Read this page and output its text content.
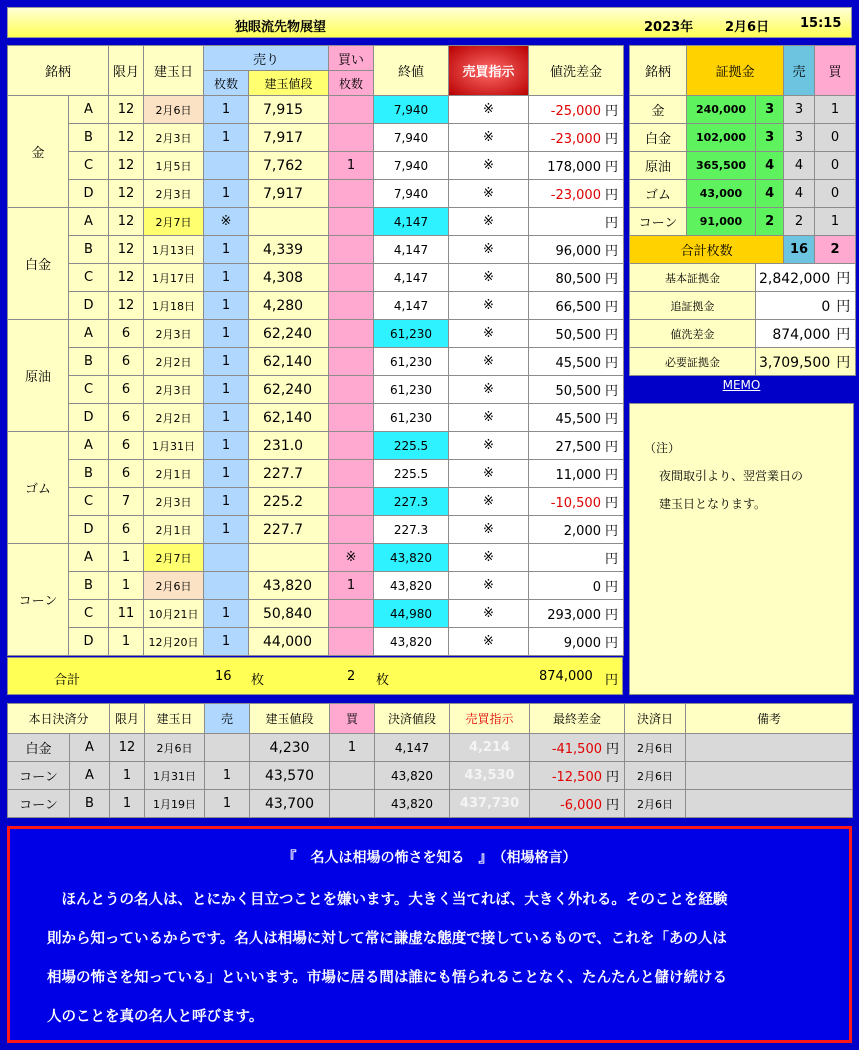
独眼流先物展望	2023年 2月6日 15:15
銘柄		限月	建玉日	売り		買い	終値	売買指示	値洗差金
				枚数	建玉値段	枚数			
金	A	12	2月6日	1	7,915		7,940	※	-25,000 円
	B	12	2月3日	1	7,917		7,940	※	-23,000 円
	C	12	1月5日		7,762	1	7,940	※	178,000 円
	D	12	2月3日	1	7,917		7,940	※	-23,000 円
白金	A	12	2月7日	※			4,147	※	円
	B	12	1月13日	1	4,339		4,147	※	96,000 円
	C	12	1月17日	1	4,308		4,147	※	80,500 円
	D	12	1月18日	1	4,280		4,147	※	66,500 円
原油	A	6	2月3日	1	62,240		61,230	※	50,500 円
	B	6	2月2日	1	62,140		61,230	※	45,500 円
	C	6	2月3日	1	62,240		61,230	※	50,500 円
	D	6	2月2日	1	62,140		61,230	※	45,500 円
ゴム	A	6	1月31日	1	231.0		225.5	※	27,500 円
	B	6	2月1日	1	227.7		225.5	※	11,000 円
	C	7	2月3日	1	225.2		227.3	※	-10,500 円
	D	6	2月1日	1	227.7		227.3	※	2,000 円
コーン	A	1	2月7日			※	43,820	※	円
	B	1	2月6日		43,820	1	43,820	※	0 円
	C	11	10月21日	1	50,840		44,980	※	293,000 円
	D	1	12月20日	1	44,000		43,820	※	9,000 円
合計	16 枚	2 枚	874,000 円
銘柄	証拠金		売	買
金	240,000	3	3	1
白金	102,000	3	3	0
原油	365,500	4	4	0
ゴム	43,000	4	4	0
コーン	91,000	2	2	1
合計枚数			16	2
基本証拠金		2,842,000 円		
追証拠金		0 円		
値洗差金		874,000 円		
必要証拠金		3,709,500 円		
MEMO
（注）
夜間取引より、翌営業日の
建玉日となります。
本日決済分		限月	建玉日	売	建玉値段	買	決済値段	売買指示	最終差金	決済日	備考
白金	A	12	2月6日		4,230	1	4,147	4,214	-41,500 円	2月6日	
コーン	A	1	1月31日	1	43,570		43,820	43,530	-12,500 円	2月6日	
コーン	B	1	1月19日	1	43,700		43,820	437,730	-6,000 円	2月6日	
『　名人は相場の怖さを知る　』　（相場格言）
　ほんとうの名人は、とにかく目立つことを嫌います。大きく当てれば、大きく外れる。そのことを経験
則から知っているからです。名人は相場に対して常に謙虚な態度で接しているもので、これを「あの人は
相場の怖さを知っている」といいます。市場に居る間は誰にも悟られることなく、たんたんと儲け続ける
人のことを真の名人と呼びます。
